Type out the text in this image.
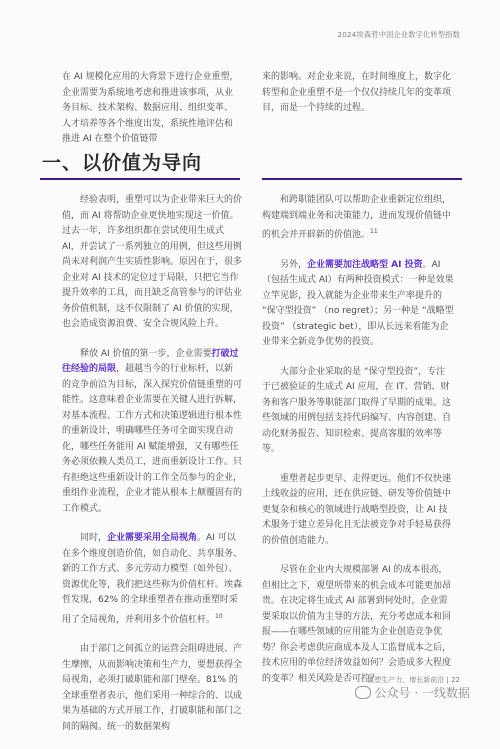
2024埃森哲中国企业数字化转型指数
在 AI 规模化应用的大背景下进行企业重塑，企业需要为系统地考虑和推进该事项，从业务目标、技术架构、数据应用、组织变革、人才培养等各个维度出发，系统性地评估和推进 AI 在整个价值链带
来的影响。对企业来说，在时间维度上，数字化转型和企业重塑不是一个仅仅持续几年的变革项目，而是一个持续的过程。
一、以价值为导向

经验表明，重塑可以为企业带来巨大的价值，而 AI 将帮助企业更快地实现这一价值。过去一年，许多组织都在尝试使用生成式 AI，并尝试了一系列独立的用例，但这些用例尚未对利润产生实质性影响。原因在于，很多企业对 AI 技术的定位过于局限，只把它当作提升效率的工具，而且缺乏高管参与的评估业务价值机制，这不仅限制了 AI 价值的实现，也会造成资源浪费、安全合规风险上升。

释放 AI 价值的第一步，企业需要打破过往经验的局限，超越当今的行业标杆，以新的竞争前沿为目标，深入探究价值链重塑的可能性。这意味着企业需要在关键人进行拆解，对基本流程、工作方式和决策逻辑进行根本性的重新设计，明确哪些任务可全面实现自动化，哪些任务能用 AI 赋能增强，又有哪些任务必须依赖人类员工，进而重新设计工作。只有拒绝这些重新设计的工作全员参与的企业，重组作业流程，企业才能从根本上颠覆固有的工作模式。

同时，企业需要采用全局视角。AI 可以在多个维度创造价值，如自动化、共享服务、新的工作方式、多元劳动力模型（如外包）、资源优化等，我们把这些称为价值杠杆。埃森哲发现，62% 的全球重塑者在推动重塑时采用了全局视角，并利用多个价值杠杆。$^{10}$

由于部门之间孤立的运营会阻碍进展、产生摩擦，从而影响决策和生产力，要想获得全局视角，必须打破职能和部门壁垒。81% 的全球重塑者表示，他们采用一种综合的、以成果为基础的方式开展工作，打破职能和部门之间的隔阂。统一的数据架构

和跨职能团队可以帮助企业重新定位组织，构建端到端业务和决策能力，进而发现价值链中的机会并开辟新的价值池。$^{11}$

另外，企业需要加注战略型 AI 投资。AI（包括生成式 AI）有两种投资模式：一种是效果立竿见影，投入就能为企业带来生产率提升的 “保守型投资” （no regret）；另一种是 “战略型投资” （strategic bet），即从长远来看能为企业带来全新竞争优势的投资。

大部分企业采取的是 “保守型投资”，专注于已被验证的生成式 AI 应用，在 IT、营销、财务和客户服务等职能部门取得了早期的成果。这些领域的用例包括支持代码编写、内容创建、自动化财务报告、知识检索、提高客服的效率等等。

重塑者起步更早、走得更远。他们不仅快速上线收益的应用，还在供应链、研发等价值链中更复杂和核心的领域进行战略型投资，让 AI 技术服务于建立差异化且无法被竞争对手轻易获得的价值创造能力。

尽管在企业内大规模部署 AI 的成本很高，但相比之下，观望所带来的机会成本可能更加昂贵。在决定将生成式 AI 部署到何处时，企业需要采取以价值为主导的方法，充分考虑成本和回报——在哪些领域的应用能为企业创造竞争优势？你会考虑供应商成本及人工监督成本之后，技术应用的单位经济效益如何？会造成多大程度的变革？相关风险是否可控？

重塑生产力，增长新前沿 | 22
公众号 · 一线数据
